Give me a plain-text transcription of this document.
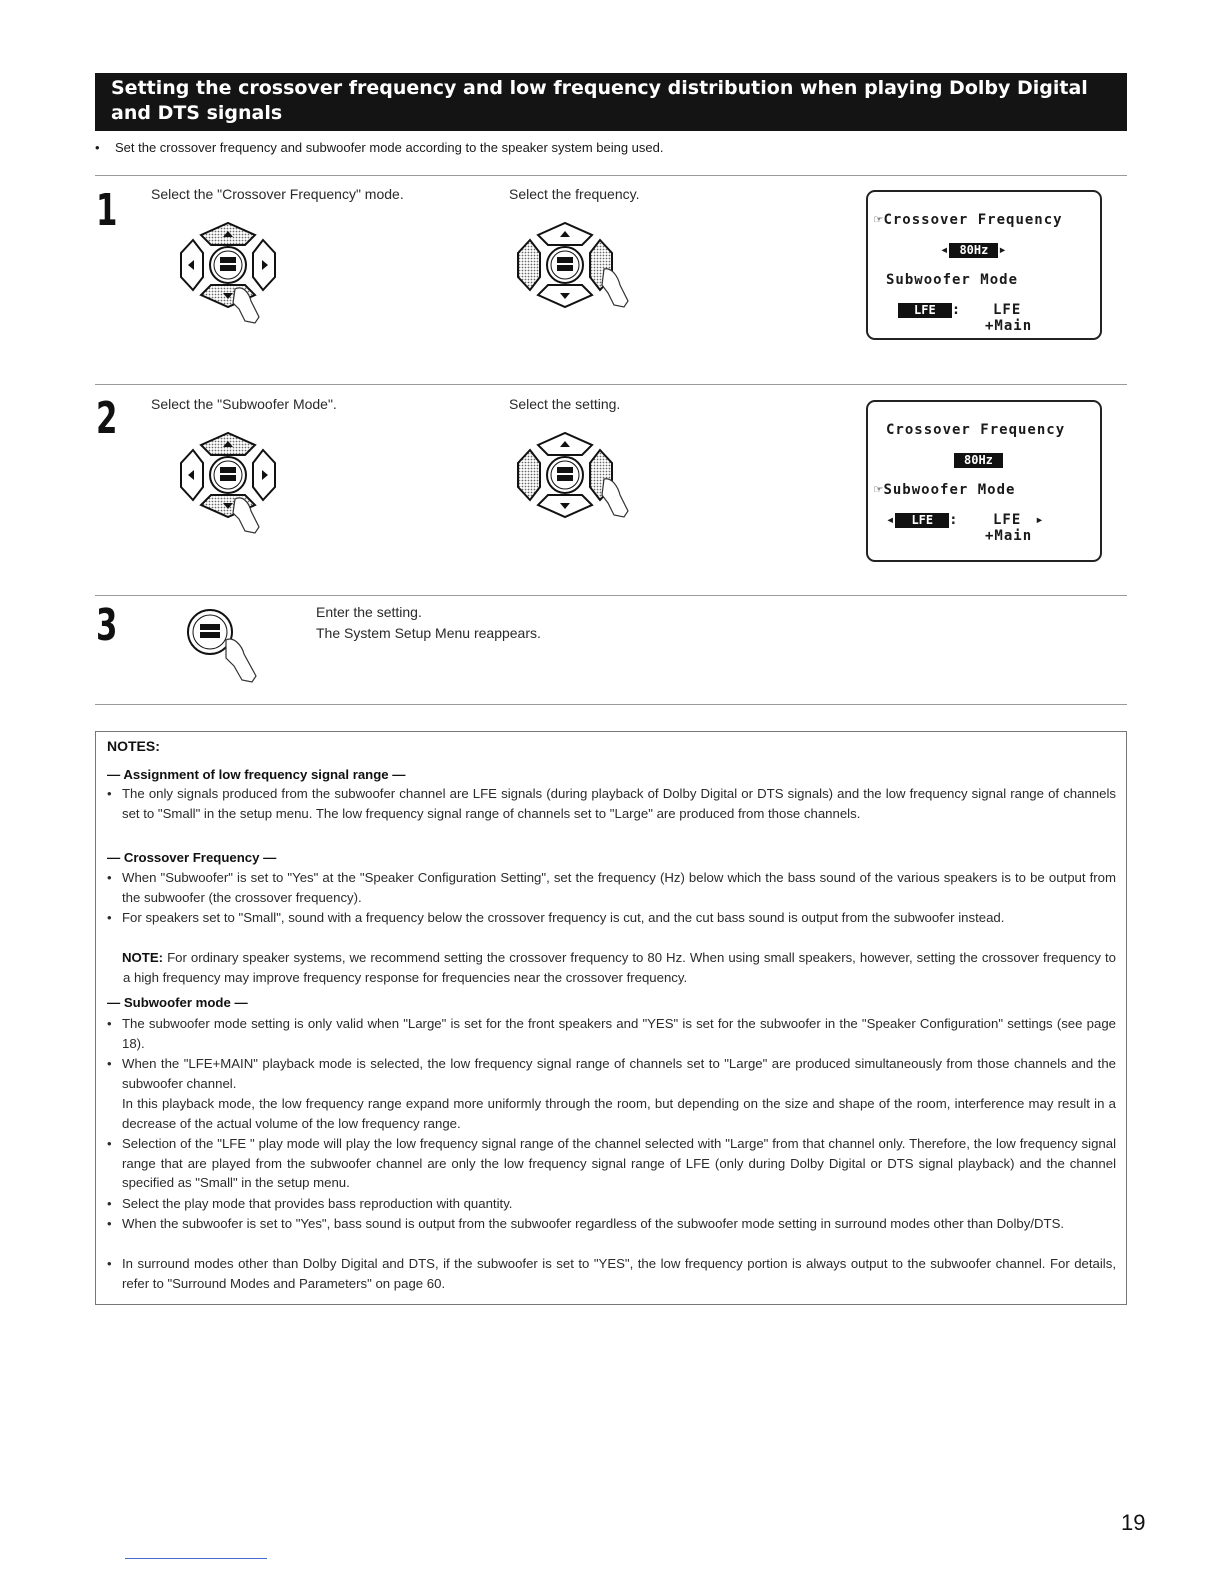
Setting the crossover frequency and low frequency distribution when playing Dolby Digital
and DTS signals
• Set the crossover frequency and subwoofer mode according to the speaker system being used.
1 Select the "Crossover Frequency" mode.	Select the frequency.
☞Crossover Frequency
◂ 80Hz ▸
Subwoofer Mode
LFE : LFE
+Main
2 Select the "Subwoofer Mode".	Select the setting.
Crossover Frequency
80Hz
☞Subwoofer Mode
◂ LFE : LFE ▸
+Main
3	Enter the setting.
The System Setup Menu reappears.
NOTES:
— Assignment of low frequency signal range —
• The only signals produced from the subwoofer channel are LFE signals (during playback of Dolby Digital or DTS signals) and the low frequency signal range of channels set to "Small" in the setup menu. The low frequency signal range of channels set to "Large" are produced from those channels.
— Crossover Frequency —
• When "Subwoofer" is set to "Yes" at the "Speaker Configuration Setting", set the frequency (Hz) below which the bass sound of the various speakers is to be output from the subwoofer (the crossover frequency).
• For speakers set to "Small", sound with a frequency below the crossover frequency is cut, and the cut bass sound is output from the subwoofer instead.
NOTE: For ordinary speaker systems, we recommend setting the crossover frequency to 80 Hz. When using small speakers, however, setting the crossover frequency to a high frequency may improve frequency response for frequencies near the crossover frequency.
— Subwoofer mode —
• The subwoofer mode setting is only valid when "Large" is set for the front speakers and "YES" is set for the subwoofer in the "Speaker Configuration" settings (see page 18).
• When the "LFE+MAIN" playback mode is selected, the low frequency signal range of channels set to "Large" are produced simultaneously from those channels and the subwoofer channel.
In this playback mode, the low frequency range expand more uniformly through the room, but depending on the size and shape of the room, interference may result in a decrease of the actual volume of the low frequency range.
• Selection of the "LFE " play mode will play the low frequency signal range of the channel selected with "Large" from that channel only. Therefore, the low frequency signal range that are played from the subwoofer channel are only the low frequency signal range of LFE (only during Dolby Digital or DTS signal playback) and the channel specified as "Small" in the setup menu.
• Select the play mode that provides bass reproduction with quantity.
• When the subwoofer is set to "Yes", bass sound is output from the subwoofer regardless of the subwoofer mode setting in surround modes other than Dolby/DTS.
• In surround modes other than Dolby Digital and DTS, if the subwoofer is set to "YES", the low frequency portion is always output to the subwoofer channel. For details, refer to "Surround Modes and Parameters" on page 60.
19
